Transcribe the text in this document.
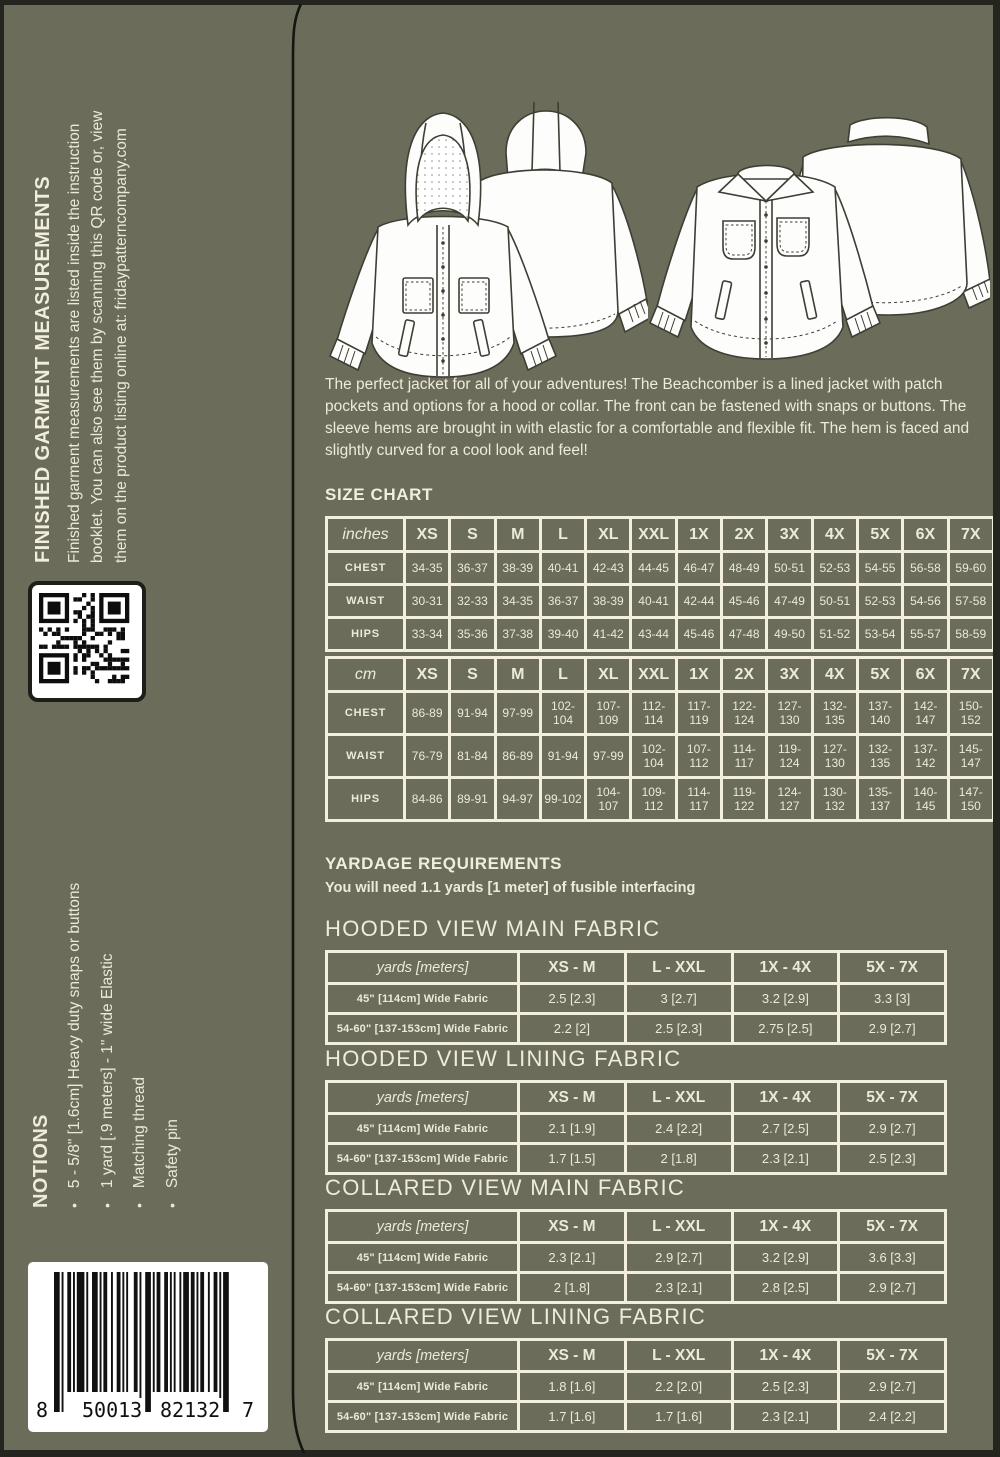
FINISHED GARMENT MEASUREMENTS Finished garment measurements are listed inside the instruction booklet. You can also see them by scanning this QR code or, view them on the product listing online at: fridaypatterncompany.com

NOTIONS •
5 - 5/8" [1.6cm] Heavy duty snaps or buttons
•
1 yard [.9 meters] - 1" wide Elastic
•
Matching thread
•
Safety pin
8 50013 82132 7
The perfect jacket for all of your adventures! The Beachcomber is a lined jacket with patch pockets and options for a hood or collar. The front can be fastened with snaps or buttons. The sleeve hems are brought in with elastic for a comfortable and flexible fit. The hem is faced and slightly curved for a cool look and feel!
SIZE CHART
inches	XS	S	M	L	XL	XXL	1X	2X	3X	4X	5X	6X	7X
CHEST	34-35	36-37	38-39	40-41	42-43	44-45	46-47	48-49	50-51	52-53	54-55	56-58	59-60
WAIST	30-31	32-33	34-35	36-37	38-39	40-41	42-44	45-46	47-49	50-51	52-53	54-56	57-58
HIPS	33-34	35-36	37-38	39-40	41-42	43-44	45-46	47-48	49-50	51-52	53-54	55-57	58-59
cm	XS	S	M	L	XL	XXL	1X	2X	3X	4X	5X	6X	7X
CHEST	86-89	91-94	97-99	102-104	107-109	112-114	117-119	122-124	127-130	132-135	137-140	142-147	150-152
WAIST	76-79	81-84	86-89	91-94	97-99	102-104	107-112	114-117	119-124	127-130	132-135	137-142	145-147
HIPS	84-86	89-91	94-97	99-102	104-107	109-112	114-117	119-122	124-127	130-132	135-137	140-145	147-150
YARDAGE REQUIREMENTS
You will need 1.1 yards [1 meter] of fusible interfacing
HOODED VIEW MAIN FABRIC
yards [meters]	XS - M	L - XXL	1X - 4X	5X - 7X
45" [114cm] Wide Fabric	2.5 [2.3]	3 [2.7]	3.2 [2.9]	3.3 [3]
54-60" [137-153cm] Wide Fabric	2.2 [2]	2.5 [2.3]	2.75 [2.5]	2.9 [2.7]
HOODED VIEW LINING FABRIC
yards [meters]	XS - M	L - XXL	1X - 4X	5X - 7X
45" [114cm] Wide Fabric	2.1 [1.9]	2.4 [2.2]	2.7 [2.5]	2.9 [2.7]
54-60" [137-153cm] Wide Fabric	1.7 [1.5]	2 [1.8]	2.3 [2.1]	2.5 [2.3]
COLLARED VIEW MAIN FABRIC
yards [meters]	XS - M	L - XXL	1X - 4X	5X - 7X
45" [114cm] Wide Fabric	2.3 [2.1]	2.9 [2.7]	3.2 [2.9]	3.6 [3.3]
54-60" [137-153cm] Wide Fabric	2 [1.8]	2.3 [2.1]	2.8 [2.5]	2.9 [2.7]
COLLARED VIEW LINING FABRIC
yards [meters]	XS - M	L - XXL	1X - 4X	5X - 7X
45" [114cm] Wide Fabric	1.8 [1.6]	2.2 [2.0]	2.5 [2.3]	2.9 [2.7]
54-60" [137-153cm] Wide Fabric	1.7 [1.6]	1.7 [1.6]	2.3 [2.1]	2.4 [2.2]
